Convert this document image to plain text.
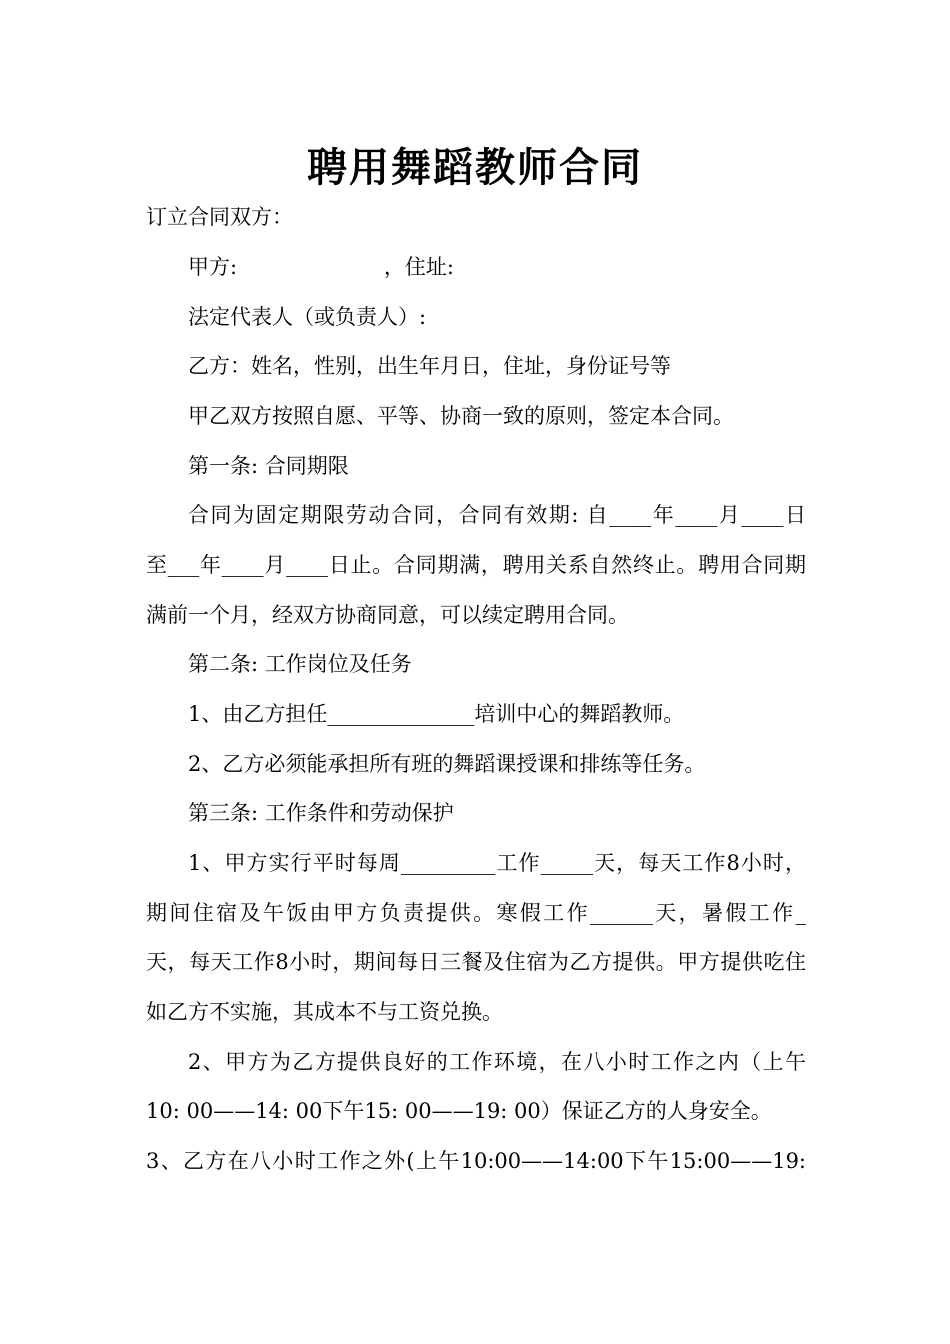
聘用舞蹈教师合同
订立合同双方：
甲方:                      ，住址:
法定代表人（或负责人）:
乙方：姓名，性别，出生年月日，住址，身份证号等
甲乙双方按照自愿、平等、协商一致的原则，签定本合同。
第一条: 合同期限
合同为固定期限劳动合同，合同有效期: 自____年____月____日
至___年____月____日止。合同期满，聘用关系自然终止。聘用合同期
满前一个月，经双方协商同意，可以续定聘用合同。
第二条: 工作岗位及任务
1、由乙方担任______________培训中心的舞蹈教师。
2、乙方必须能承担所有班的舞蹈课授课和排练等任务。
第三条: 工作条件和劳动保护
1、甲方实行平时每周_________工作_____天，每天工作8小时，
期间住宿及午饭由甲方负责提供。寒假工作______天，暑假工作_
天，每天工作8小时，期间每日三餐及住宿为乙方提供。甲方提供吃住
如乙方不实施，其成本不与工资兑换。
2、甲方为乙方提供良好的工作环境，在八小时工作之内（上午
10: 00——14: 00下午15: 00——19: 00）保证乙方的人身安全。
3、乙方在八小时工作之外(上午10:00——14:00下午15:00——19:
